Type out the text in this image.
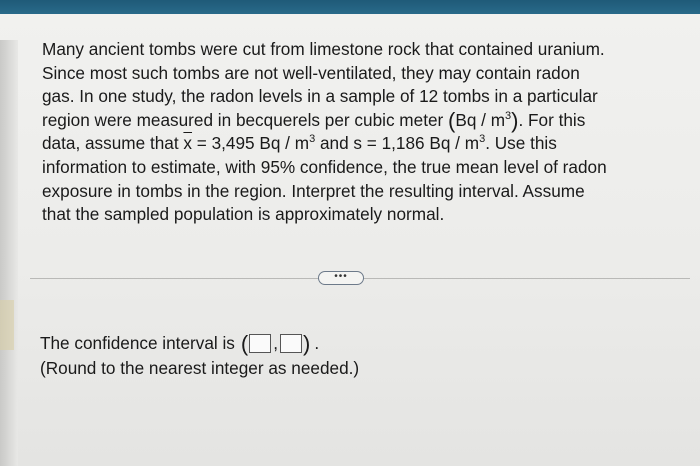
Many ancient tombs were cut from limestone rock that contained uranium.

Since most such tombs are not well-ventilated, they may contain radon

gas. In one study, the radon levels in a sample of 12 tombs in a particular

region were measured in becquerels per cubic meter $(Bq / m^3)$. For this

data, assume that $\overline{x} = 3,495$ Bq / $m^3$ and s = 1,186 Bq / $m^3$. Use this

information to estimate, with 95% confidence, the true mean level of radon

exposure in tombs in the region. Interpret the resulting interval. Assume

that the sampled population is approximately normal.

•••
The confidence interval is ( , ) .
(Round to the nearest integer as needed.)
